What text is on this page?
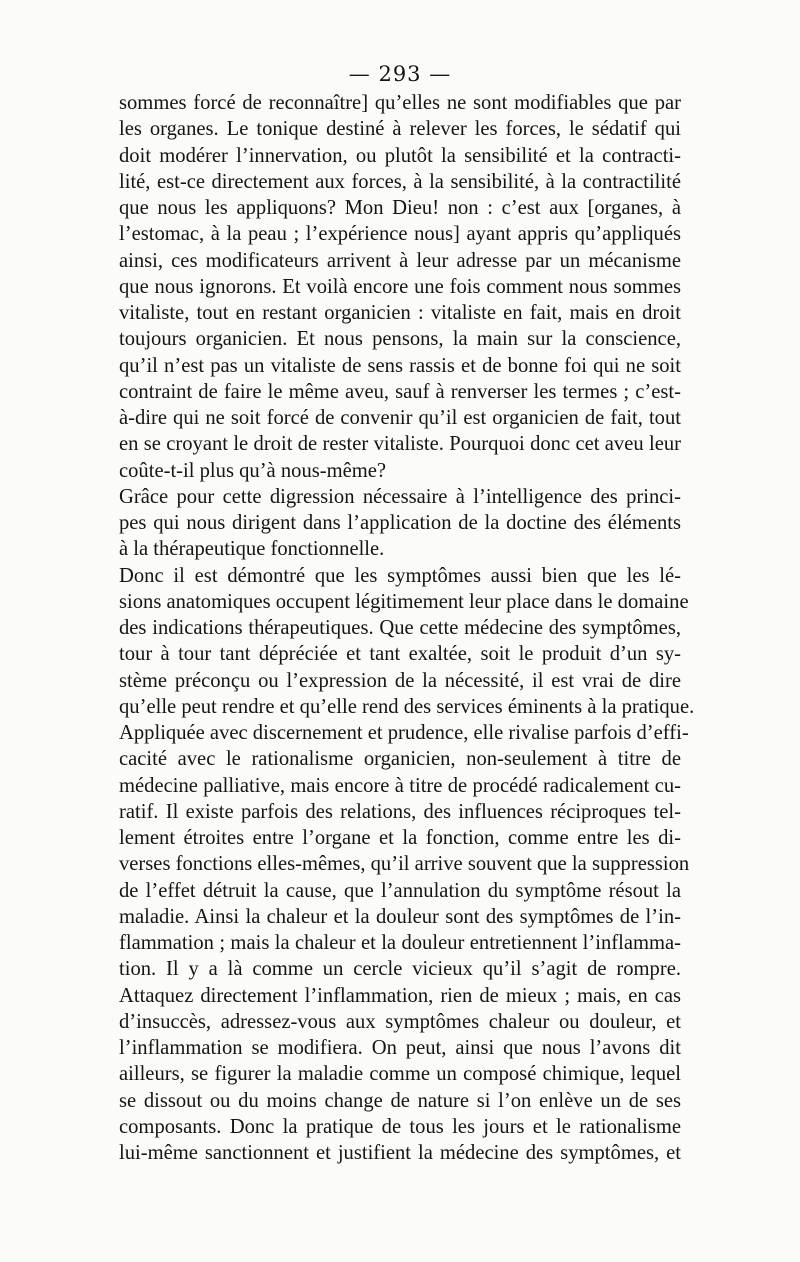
— 293 —
sommes forcé de reconnaître] qu’elles ne sont modifiables que par
les organes. Le tonique destiné à relever les forces, le sédatif qui
doit modérer l’innervation, ou plutôt la sensibilité et la contracti-
lité, est-ce directement aux forces, à la sensibilité, à la contractilité
que nous les appliquons? Mon Dieu! non : c’est aux [organes, à
l’estomac, à la peau ; l’expérience nous] ayant appris qu’appliqués
ainsi, ces modificateurs arrivent à leur adresse par un mécanisme
que nous ignorons. Et voilà encore une fois comment nous sommes
vitaliste, tout en restant organicien : vitaliste en fait, mais en droit
toujours organicien. Et nous pensons, la main sur la conscience,
qu’il n’est pas un vitaliste de sens rassis et de bonne foi qui ne soit
contraint de faire le même aveu, sauf à renverser les termes ; c’est-
à-dire qui ne soit forcé de convenir qu’il est organicien de fait, tout
en se croyant le droit de rester vitaliste. Pourquoi donc cet aveu leur
coûte-t-il plus qu’à nous-même?
Grâce pour cette digression nécessaire à l’intelligence des princi-
pes qui nous dirigent dans l’application de la doctine des éléments
à la thérapeutique fonctionnelle.
Donc il est démontré que les symptômes aussi bien que les lé-
sions anatomiques occupent légitimement leur place dans le domaine
des indications thérapeutiques. Que cette médecine des symptômes,
tour à tour tant dépréciée et tant exaltée, soit le produit d’un sy-
stème préconçu ou l’expression de la nécessité, il est vrai de dire
qu’elle peut rendre et qu’elle rend des services éminents à la pratique.
Appliquée avec discernement et prudence, elle rivalise parfois d’effi-
cacité avec le rationalisme organicien, non-seulement à titre de
médecine palliative, mais encore à titre de procédé radicalement cu-
ratif. Il existe parfois des relations, des influences réciproques tel-
lement étroites entre l’organe et la fonction, comme entre les di-
verses fonctions elles-mêmes, qu’il arrive souvent que la suppression
de l’effet détruit la cause, que l’annulation du symptôme résout la
maladie. Ainsi la chaleur et la douleur sont des symptômes de l’in-
flammation ; mais la chaleur et la douleur entretiennent l’inflamma-
tion. Il y a là comme un cercle vicieux qu’il s’agit de rompre.
Attaquez directement l’inflammation, rien de mieux ; mais, en cas
d’insuccès, adressez-vous aux symptômes chaleur ou douleur, et
l’inflammation se modifiera. On peut, ainsi que nous l’avons dit
ailleurs, se figurer la maladie comme un composé chimique, lequel
se dissout ou du moins change de nature si l’on enlève un de ses
composants. Donc la pratique de tous les jours et le rationalisme
lui-même sanctionnent et justifient la médecine des symptômes, et
